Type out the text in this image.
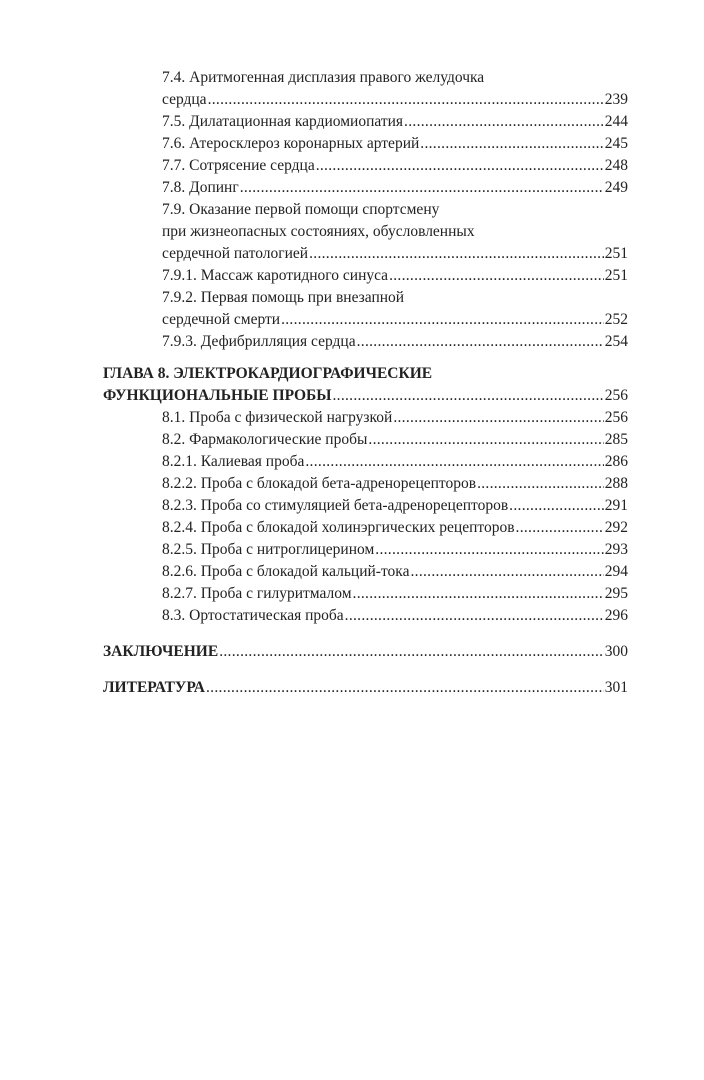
7.4. Аритмогенная дисплазия правого желудочка
сердца .....	239
7.5. Дилатационная кардиомиопатия .....	244
7.6. Атеросклероз коронарных артерий .....	245
7.7. Сотрясение сердца .....	248
7.8. Допинг .....	249
7.9. Оказание первой помощи спортсмену
при жизнеопасных состояниях, обусловленных
сердечной патологией .....	251
7.9.1. Массаж каротидного синуса .....	251
7.9.2. Первая помощь при внезапной
сердечной смерти .....	252
7.9.3. Дефибрилляция сердца .....	254
ГЛАВА 8. ЭЛЕКТРОКАРДИОГРАФИЧЕСКИЕ
ФУНКЦИОНАЛЬНЫЕ ПРОБЫ .....	256
8.1. Проба с физической нагрузкой .....	256
8.2. Фармакологические пробы .....	285
8.2.1. Калиевая проба .....	286
8.2.2. Проба с блокадой бета-адренорецепторов .....	288
8.2.3. Проба со стимуляцией бета-адренорецепторов .....	291
8.2.4. Проба с блокадой холинэргических рецепторов .....	292
8.2.5. Проба с нитроглицерином .....	293
8.2.6. Проба с блокадой кальций-тока .....	294
8.2.7. Проба с гилуритмалом .....	295
8.3. Ортостатическая проба .....	296
ЗАКЛЮЧЕНИЕ .....	300
ЛИТЕРАТУРА .....	301
